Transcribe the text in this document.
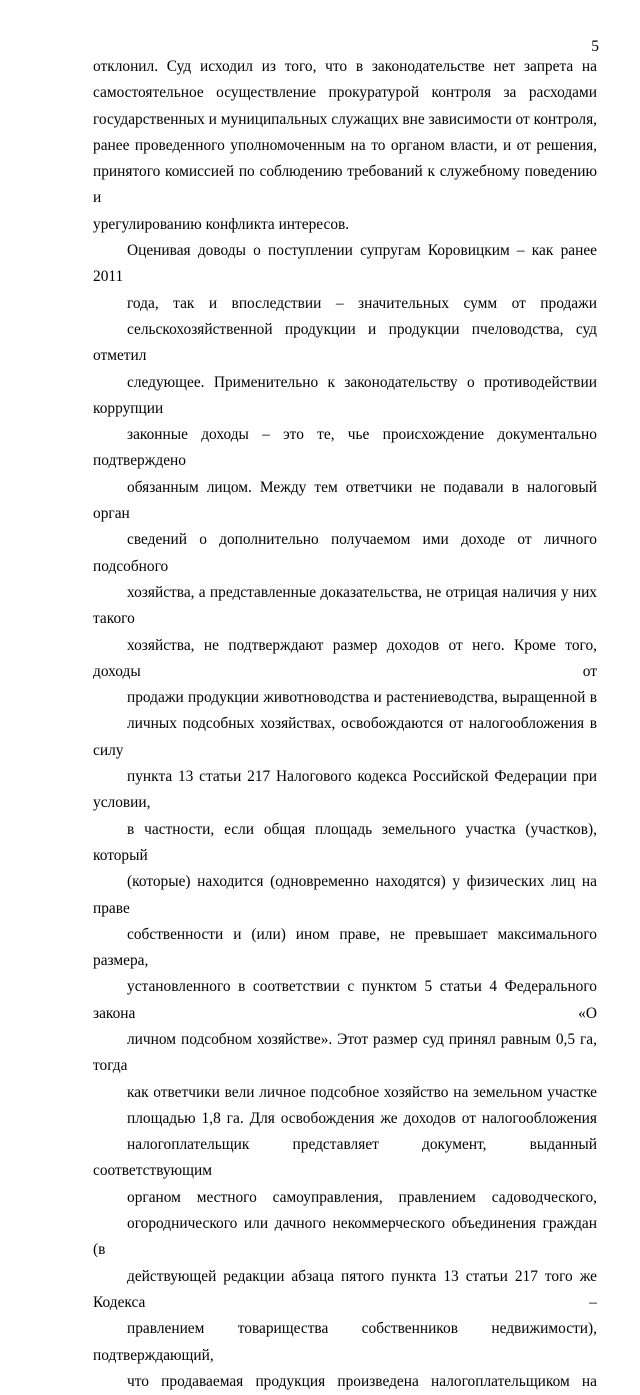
5

отклонил. Суд исходил из того, что в законодательстве нет запрета на
самостоятельное осуществление прокуратурой контроля за расходами
государственных и муниципальных служащих вне зависимости от контроля,
ранее проведенного уполномоченным на то органом власти, и от решения,
принятого комиссией по соблюдению требований к служебному поведению и
урегулированию конфликта интересов.

Оценивая доводы о поступлении супругам Коровицким – как ранее 2011
года, так и впоследствии – значительных сумм от продажи
сельскохозяйственной продукции и продукции пчеловодства, суд отметил
следующее. Применительно к законодательству о противодействии коррупции
законные доходы – это те, чье происхождение документально подтверждено
обязанным лицом. Между тем ответчики не подавали в налоговый орган
сведений о дополнительно получаемом ими доходе от личного подсобного
хозяйства, а представленные доказательства, не отрицая наличия у них такого
хозяйства, не подтверждают размер доходов от него. Кроме того, доходы от
продажи продукции животноводства и растениеводства, выращенной в
личных подсобных хозяйствах, освобождаются от налогообложения в силу
пункта 13 статьи 217 Налогового кодекса Российской Федерации при условии,
в частности, если общая площадь земельного участка (участков), который
(которые) находится (одновременно находятся) у физических лиц на праве
собственности и (или) ином праве, не превышает максимального размера,
установленного в соответствии с пунктом 5 статьи 4 Федерального закона «О
личном подсобном хозяйстве». Этот размер суд принял равным 0,5 га, тогда
как ответчики вели личное подсобное хозяйство на земельном участке
площадью 1,8 га. Для освобождения же доходов от налогообложения
налогоплательщик представляет документ, выданный соответствующим
органом местного самоуправления, правлением садоводческого,
огороднического или дачного некоммерческого объединения граждан (в
действующей редакции абзаца пятого пункта 13 статьи 217 того же Кодекса –
правлением товарищества собственников недвижимости), подтверждающий,
что продаваемая продукция произведена налогоплательщиком на
